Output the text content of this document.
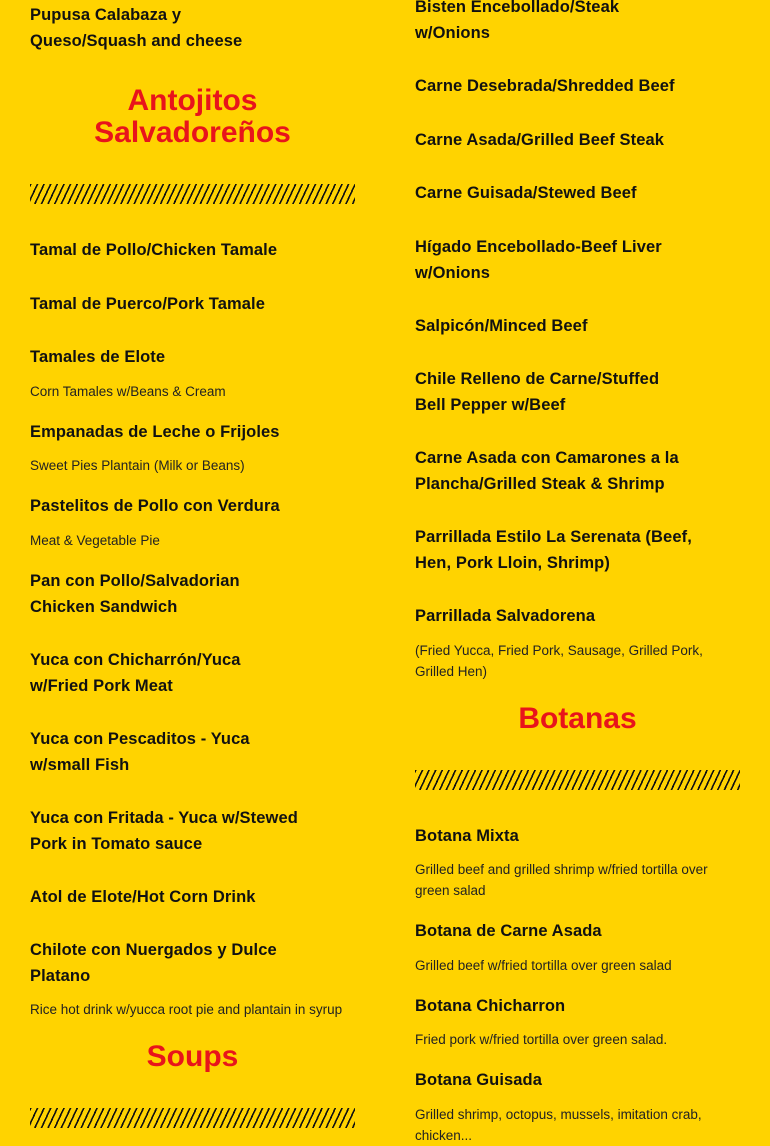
Pupusa Calabaza y Queso/Squash and cheese
Antojitos Salvadoreños
Tamal de Pollo/Chicken Tamale
Tamal de Puerco/Pork Tamale
Tamales de Elote
Corn Tamales w/Beans & Cream
Empanadas de Leche o Frijoles
Sweet Pies Plantain (Milk or Beans)
Pastelitos de Pollo con Verdura
Meat & Vegetable Pie
Pan con Pollo/Salvadorian Chicken Sandwich
Yuca con Chicharrón/Yuca w/Fried Pork Meat
Yuca con Pescaditos - Yuca w/small Fish
Yuca con Fritada - Yuca w/Stewed Pork in Tomato sauce
Atol de Elote/Hot Corn Drink
Chilote con Nuergados y Dulce Platano
Rice hot drink w/yucca root pie and plantain in syrup
Soups
Bisten Encebollado/Steak w/Onions
Carne Desebrada/Shredded Beef
Carne Asada/Grilled Beef Steak
Carne Guisada/Stewed Beef
Hígado Encebollado-Beef Liver w/Onions
Salpicón/Minced Beef
Chile Relleno de Carne/Stuffed Bell Pepper w/Beef
Carne Asada con Camarones a la Plancha/Grilled Steak & Shrimp
Parrillada Estilo La Serenata (Beef, Hen, Pork Lloin, Shrimp)
Parrillada Salvadorena
(Fried Yucca, Fried Pork, Sausage, Grilled Pork, Grilled Hen)
Botanas
Botana Mixta
Grilled beef and grilled shrimp w/fried tortilla over green salad
Botana de Carne Asada
Grilled beef w/fried tortilla over green salad
Botana Chicharron
Fried pork w/fried tortilla over green salad.
Botana Guisada
Grilled shrimp, octopus, mussels, imitation crab, chicken...
